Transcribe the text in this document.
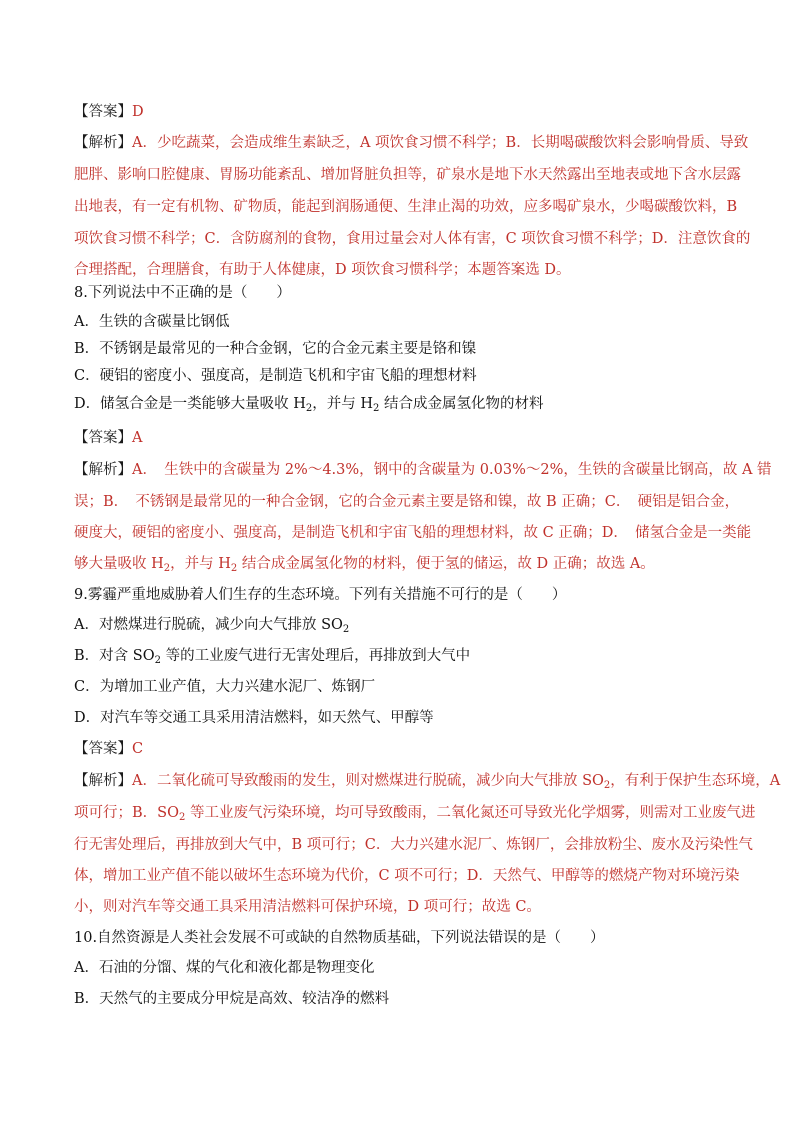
【答案】D
【解析】A．少吃蔬菜，会造成维生素缺乏，A 项饮食习惯不科学；B．长期喝碳酸饮料会影响骨质、导致
肥胖、影响口腔健康、胃肠功能紊乱、增加肾脏负担等，矿泉水是地下水天然露出至地表或地下含水层露
出地表，有一定有机物、矿物质，能起到润肠通便、生津止渴的功效，应多喝矿泉水，少喝碳酸饮料，B
项饮食习惯不科学；C．含防腐剂的食物，食用过量会对人体有害，C 项饮食习惯不科学；D．注意饮食的
合理搭配，合理膳食，有助于人体健康，D 项饮食习惯科学；本题答案选 D。
8.下列说法中不正确的是（　　）
A．生铁的含碳量比钢低
B．不锈钢是最常见的一种合金钢，它的合金元素主要是铬和镍
C．硬铝的密度小、强度高，是制造飞机和宇宙飞船的理想材料
D．储氢合金是一类能够大量吸收 $H_2$，并与 $H_2$ 结合成金属氢化物的材料
【答案】A
【解析】A．　生铁中的含碳量为 2%～4.3%，钢中的含碳量为 0.03%～2%，生铁的含碳量比钢高，故 A 错
误；B．　不锈钢是最常见的一种合金钢，它的合金元素主要是铬和镍，故 B 正确；C．　硬铝是铝合金，
硬度大，硬铝的密度小、强度高，是制造飞机和宇宙飞船的理想材料，故 C 正确；D．　储氢合金是一类能
够大量吸收 $H_2$，并与 $H_2$ 结合成金属氢化物的材料，便于氢的储运，故 D 正确；故选 A。
9.雾霾严重地威胁着人们生存的生态环境。下列有关措施不可行的是（　　）
A．对燃煤进行脱硫，减少向大气排放 $SO_2$
B．对含 $SO_2$ 等的工业废气进行无害处理后，再排放到大气中
C．为增加工业产值，大力兴建水泥厂、炼钢厂
D．对汽车等交通工具采用清洁燃料，如天然气、甲醇等
【答案】C
【解析】A．二氧化硫可导致酸雨的发生，则对燃煤进行脱硫，减少向大气排放 $SO_2$，有利于保护生态环境，A
项可行；B．$SO_2$ 等工业废气污染环境，均可导致酸雨，二氧化氮还可导致光化学烟雾，则需对工业废气进
行无害处理后，再排放到大气中，B 项可行；C．大力兴建水泥厂、炼钢厂，会排放粉尘、废水及污染性气
体，增加工业产值不能以破坏生态环境为代价，C 项不可行；D．天然气、甲醇等的燃烧产物对环境污染
小，则对汽车等交通工具采用清洁燃料可保护环境，D 项可行；故选 C。
10.自然资源是人类社会发展不可或缺的自然物质基础，下列说法错误的是（　　）
A．石油的分馏、煤的气化和液化都是物理变化
B．天然气的主要成分甲烷是高效、较洁净的燃料
